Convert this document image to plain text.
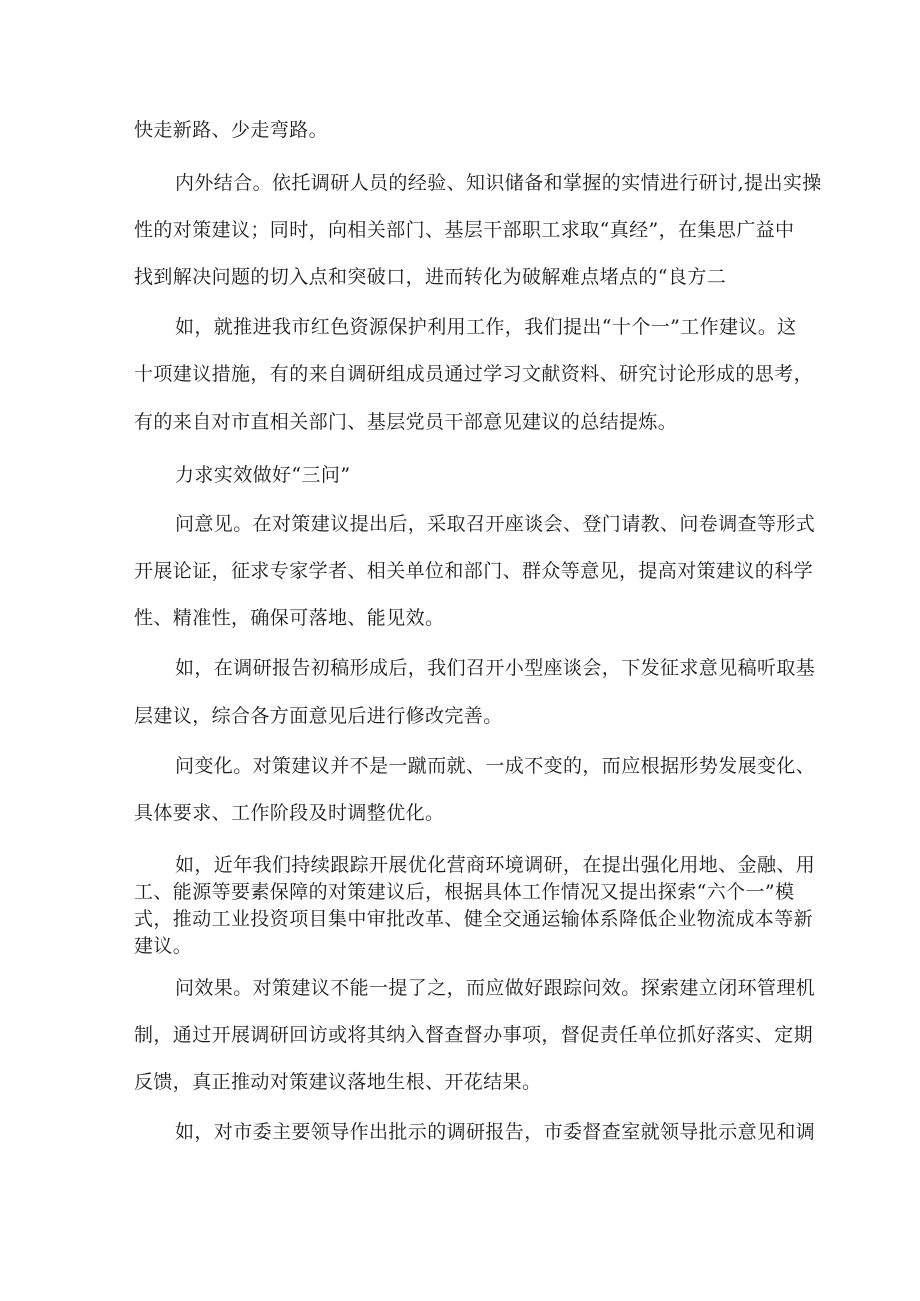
快走新路、少走弯路。
内外结合。依托调研人员的经验、知识储备和掌握的实情进行研讨,提出实操
性的对策建议；同时，向相关部门、基层干部职工求取“真经”，在集思广益中
找到解决问题的切入点和突破口，进而转化为破解难点堵点的“良方二
如，就推进我市红色资源保护利用工作，我们提出“十个一”工作建议。这
十项建议措施，有的来自调研组成员通过学习文献资料、研究讨论形成的思考，
有的来自对市直相关部门、基层党员干部意见建议的总结提炼。
力求实效做好“三问”
问意见。在对策建议提出后，采取召开座谈会、登门请教、问卷调查等形式
开展论证，征求专家学者、相关单位和部门、群众等意见，提高对策建议的科学
性、精准性，确保可落地、能见效。
如，在调研报告初稿形成后，我们召开小型座谈会，下发征求意见稿听取基
层建议，综合各方面意见后进行修改完善。
问变化。对策建议并不是一蹴而就、一成不变的，而应根据形势发展变化、
具体要求、工作阶段及时调整优化。
如，近年我们持续跟踪开展优化营商环境调研，在提出强化用地、金融、用
工、能源等要素保障的对策建议后，根据具体工作情况又提出探索“六个一”模
式，推动工业投资项目集中审批改革、健全交通运输体系降低企业物流成本等新
建议。
问效果。对策建议不能一提了之，而应做好跟踪问效。探索建立闭环管理机
制，通过开展调研回访或将其纳入督查督办事项，督促责任单位抓好落实、定期
反馈，真正推动对策建议落地生根、开花结果。
如，对市委主要领导作出批示的调研报告，市委督查室就领导批示意见和调
